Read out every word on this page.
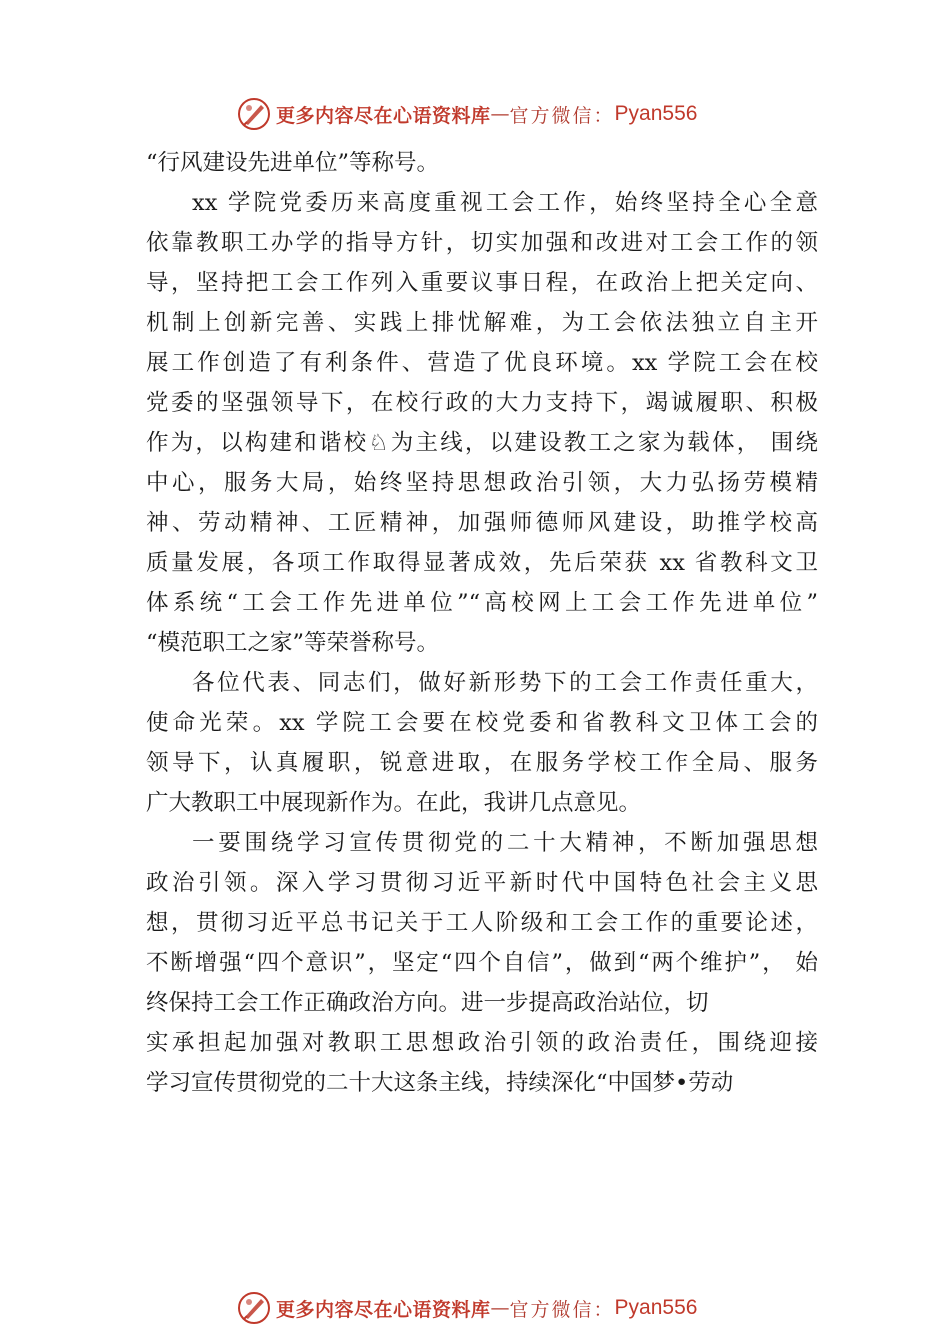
更多内容尽在心语资料库 — 官方微信： Pyan556

“行风建设先进单位”等称号。

xx 学院党委历来高度重视工会工作，始终坚持全心全意

依靠教职工办学的指导方针，切实加强和改进对工会工作的领

导，坚持把工会工作列入重要议事日程，在政治上把关定向、

机制上创新完善、实践上排忧解难，为工会依法独立自主开

展工作创造了有利条件、营造了优良环境。xx 学院工会在校

党委的坚强领导下，在校行政的大力支持下，竭诚履职、积极

作为，以构建和谐校♘为主线，以建设教工之家为载体， 围绕

中心，服务大局，始终坚持思想政治引领，大力弘扬劳模精

神、劳动精神、工匠精神，加强师德师风建设，助推学校高

质量发展，各项工作取得显著成效，先后荣获 xx 省教科文卫

体系统“工会工作先进单位”“高校网上工会工作先进单位”

“模范职工之家”等荣誉称号。

各位代表、同志们，做好新形势下的工会工作责任重大，

使命光荣。xx 学院工会要在校党委和省教科文卫体工会的

领导下，认真履职，锐意进取，在服务学校工作全局、服务

广大教职工中展现新作为。在此，我讲几点意见。

一要围绕学习宣传贯彻党的二十大精神，不断加强思想

政治引领。深入学习贯彻习近平新时代中国特色社会主义思

想，贯彻习近平总书记关于工人阶级和工会工作的重要论述，

不断增强“四个意识”，坚定“四个自信”，做到“两个维护”， 始

终保持工会工作正确政治方向。进一步提高政治站位，切

实承担起加强对教职工思想政治引领的政治责任，围绕迎接

学习宣传贯彻党的二十大这条主线，持续深化“中国梦•劳动

更多内容尽在心语资料库 — 官方微信： Pyan556
